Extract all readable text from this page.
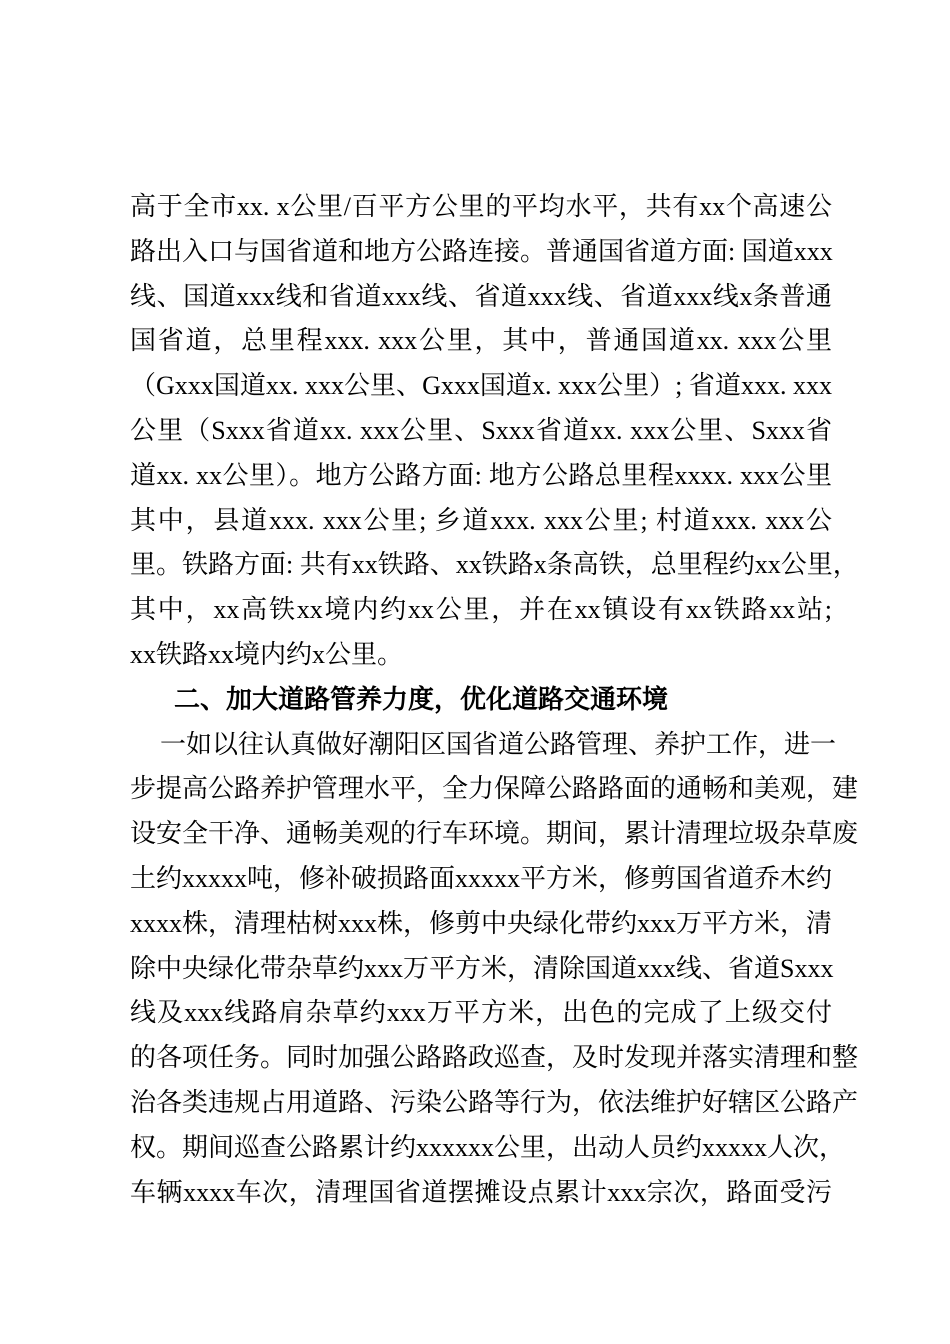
高于全市xx. x公里/百平方公里的平均水平，共有xx个高速公
路出入口与国省道和地方公路连接。普通国省道方面: 国道xxx
线、国道xxx线和省道xxx线、省道xxx线、省道xxx线x条普通
国省道，总里程xxx. xxx公里，其中，普通国道xx. xxx公里
（Gxxx国道xx. xxx公里、Gxxx国道x. xxx公里）; 省道xxx. xxx
公里（Sxxx省道xx. xxx公里、Sxxx省道xx. xxx公里、Sxxx省
道xx. xx公里）。地方公路方面: 地方公路总里程xxxx. xxx公里
其中，县道xxx. xxx公里; 乡道xxx. xxx公里; 村道xxx. xxx公
里。铁路方面: 共有xx铁路、xx铁路x条高铁，总里程约xx公里，
其中，xx高铁xx境内约xx公里，并在xx镇设有xx铁路xx站;
xx铁路xx境内约x公里。
二、加大道路管养力度，优化道路交通环境
一如以往认真做好潮阳区国省道公路管理、养护工作，进一
步提高公路养护管理水平，全力保障公路路面的通畅和美观，建
设安全干净、通畅美观的行车环境。期间，累计清理垃圾杂草废
土约xxxxx吨，修补破损路面xxxxx平方米，修剪国省道乔木约
xxxx株，清理枯树xxx株，修剪中央绿化带约xxx万平方米，清
除中央绿化带杂草约xxx万平方米，清除国道xxx线、省道Sxxx
线及xxx线路肩杂草约xxx万平方米，出色的完成了上级交付
的各项任务。同时加强公路路政巡查，及时发现并落实清理和整
治各类违规占用道路、污染公路等行为，依法维护好辖区公路产
权。期间巡查公路累计约xxxxxx公里，出动人员约xxxxx人次，
车辆xxxx车次，清理国省道摆摊设点累计xxx宗次，路面受污
